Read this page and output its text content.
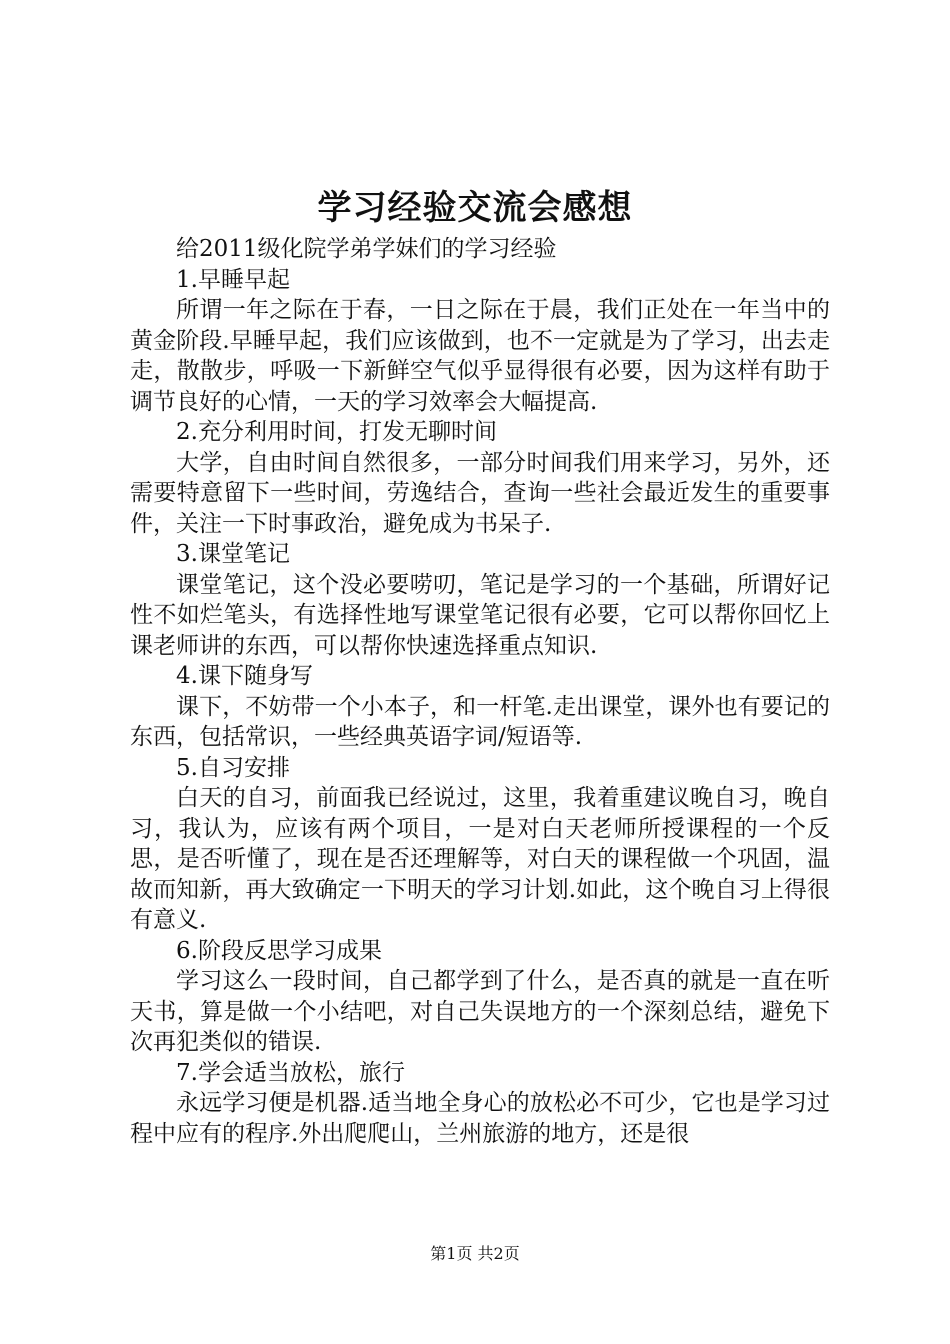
学习经验交流会感想

给2011级化院学弟学妹们的学习经验

1.早睡早起

所谓一年之际在于春，一日之际在于晨，我们正处在一年当中的黄金阶段.早睡早起，我们应该做到，也不一定就是为了学习，出去走走，散散步，呼吸一下新鲜空气似乎显得很有必要，因为这样有助于调节良好的心情，一天的学习效率会大幅提高.

2.充分利用时间，打发无聊时间

大学，自由时间自然很多，一部分时间我们用来学习，另外，还需要特意留下一些时间，劳逸结合，查询一些社会最近发生的重要事件，关注一下时事政治，避免成为书呆子.

3.课堂笔记

课堂笔记，这个没必要唠叨，笔记是学习的一个基础，所谓好记性不如烂笔头，有选择性地写课堂笔记很有必要，它可以帮你回忆上课老师讲的东西，可以帮你快速选择重点知识.

4.课下随身写

课下，不妨带一个小本子，和一杆笔.走出课堂，课外也有要记的东西，包括常识，一些经典英语字词/短语等.

5.自习安排

白天的自习，前面我已经说过，这里，我着重建议晚自习，晚自习，我认为，应该有两个项目，一是对白天老师所授课程的一个反思，是否听懂了，现在是否还理解等，对白天的课程做一个巩固，温故而知新，再大致确定一下明天的学习计划.如此，这个晚自习上得很有意义.

6.阶段反思学习成果

学习这么一段时间，自己都学到了什么，是否真的就是一直在听天书，算是做一个小结吧，对自己失误地方的一个深刻总结，避免下次再犯类似的错误.

7.学会适当放松，旅行

永远学习便是机器.适当地全身心的放松必不可少，它也是学习过程中应有的程序.外出爬爬山，兰州旅游的地方，还是很

第1页 共2页
